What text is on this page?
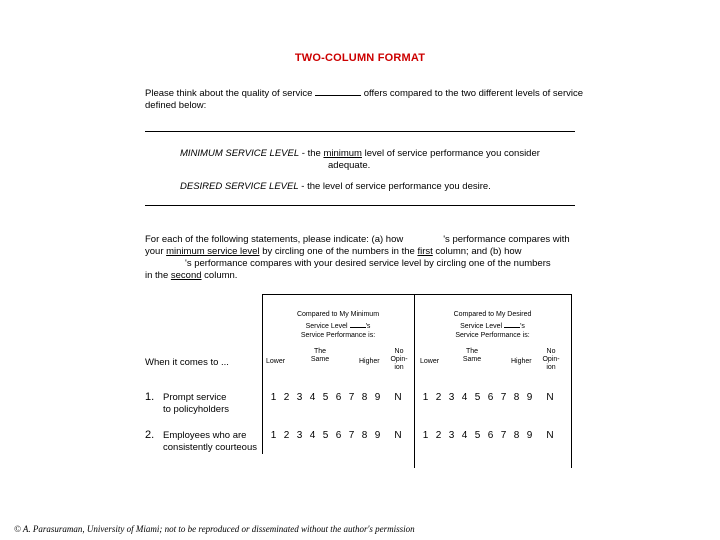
TWO-COLUMN FORMAT
Please think about the quality of service	offers compared to the two different levels of service defined below:
MINIMUM SERVICE LEVEL - the minimum level of service performance you consider
adequate.
DESIRED SERVICE LEVEL - the level of service performance you desire.
For each of the following statements, please indicate: (a) how	's performance compares with your minimum service level by circling one of the numbers in the first column; and (b) how
's performance compares with your desired service level by circling one of the numbers
in the second column.
Compared to My Minimum
Service Level	's
Service Performance is:
Compared to My Desired
Service Level	's
Service Performance is:
Lower
The
Same	Higher
No
Opin-
ion
Lower
The
Same	Higher
No
Opin-
ion
When it comes to ...
1. Prompt service
to policyholders
1 2 3 4 5 6 7 8 9 N	1 2 3 4 5 6 7 8 9 N
2. Employees who are
consistently courteous
1 2 3 4 5 6 7 8 9 N	1 2 3 4 5 6 7 8 9 N
© A. Parasuraman, University of Miami; not to be reproduced or disseminated without the author's permission
